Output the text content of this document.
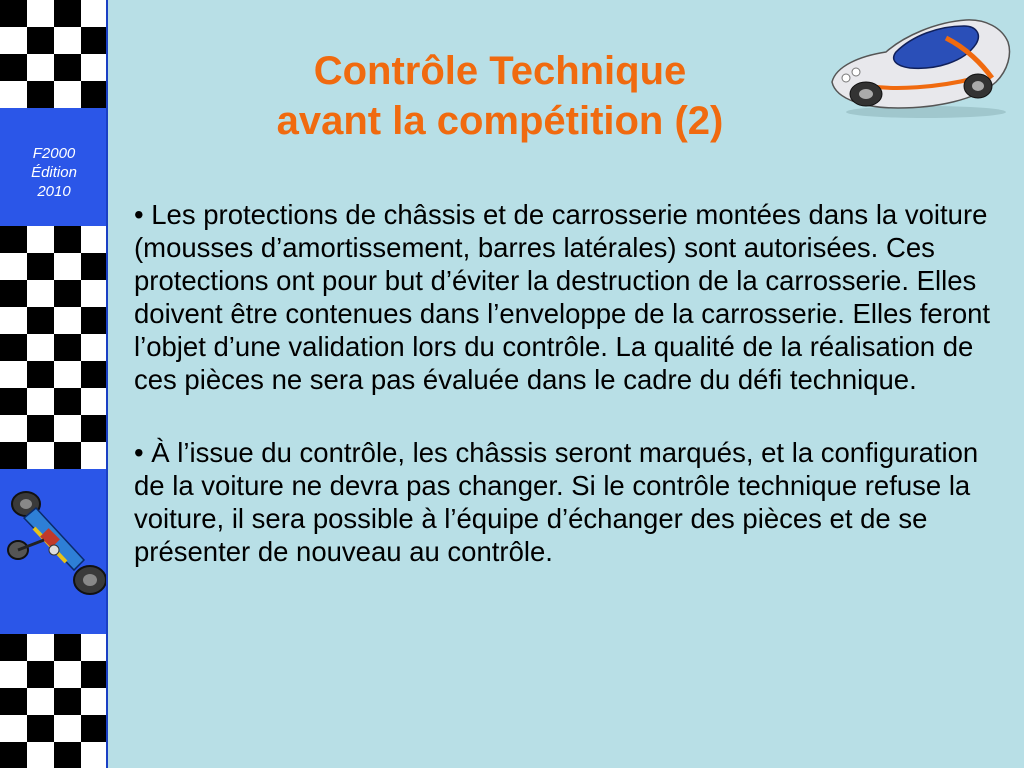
F2000
Édition
2010
Contrôle Technique
avant la compétition (2)

• Les protections de châssis et de carrosserie montées dans la voiture (mousses d’amortissement, barres latérales) sont autorisées. Ces protections ont pour but d’éviter la destruction de la carrosserie. Elles doivent être contenues dans l’enveloppe de la carrosserie. Elles feront l’objet d’une validation lors du contrôle. La qualité de la réalisation de ces pièces ne sera pas évaluée dans le cadre du défi technique.

• À l’issue du contrôle, les châssis seront marqués, et la configuration de la voiture ne devra pas changer. Si le contrôle technique refuse la voiture, il sera possible à l’équipe d’échanger des pièces et de se présenter de nouveau au contrôle.
